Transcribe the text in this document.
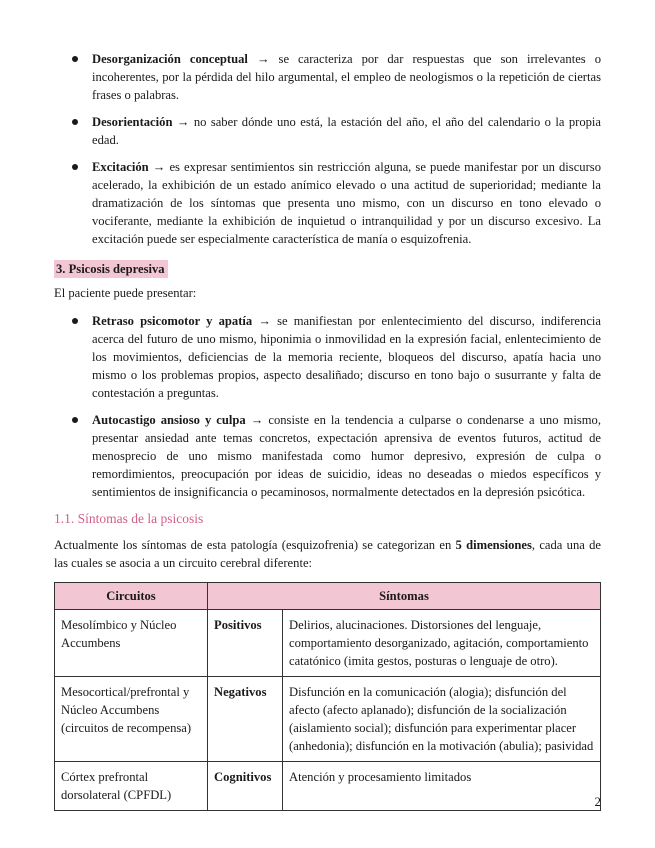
Desorganización conceptual → se caracteriza por dar respuestas que son irrelevantes o incoherentes, por la pérdida del hilo argumental, el empleo de neologismos o la repetición de ciertas frases o palabras.
Desorientación → no saber dónde uno está, la estación del año, el año del calendario o la propia edad.
Excitación → es expresar sentimientos sin restricción alguna, se puede manifestar por un discurso acelerado, la exhibición de un estado anímico elevado o una actitud de superioridad; mediante la dramatización de los síntomas que presenta uno mismo, con un discurso en tono elevado o vociferante, mediante la exhibición de inquietud o intranquilidad y por un discurso excesivo. La excitación puede ser especialmente característica de manía o esquizofrenia.
3. Psicosis depresiva

El paciente puede presentar:

Retraso psicomotor y apatía → se manifiestan por enlentecimiento del discurso, indiferencia acerca del futuro de uno mismo, hiponimia o inmovilidad en la expresión facial, enlentecimiento de los movimientos, deficiencias de la memoria reciente, bloqueos del discurso, apatía hacia uno mismo o los problemas propios, aspecto desaliñado; discurso en tono bajo o susurrante y falta de contestación a preguntas.
Autocastigo ansioso y culpa → consiste en la tendencia a culparse o condenarse a uno mismo, presentar ansiedad ante temas concretos, expectación aprensiva de eventos futuros, actitud de menosprecio de uno mismo manifestada como humor depresivo, expresión de culpa o remordimientos, preocupación por ideas de suicidio, ideas no deseadas o miedos específicos y sentimientos de insignificancia o pecaminosos, normalmente detectados en la depresión psicótica.
1.1. Síntomas de la psicosis

Actualmente los síntomas de esta patología (esquizofrenia) se categorizan en 5 dimensiones, cada una de las cuales se asocia a un circuito cerebral diferente:

Circuitos	Síntomas	
Mesolímbico y Núcleo Accumbens	Positivos	Delirios, alucinaciones. Distorsiones del lenguaje, comportamiento desorganizado, agitación, comportamiento catatónico (imita gestos, posturas o lenguaje de otro).
Mesocortical/prefrontal y Núcleo Accumbens (circuitos de recompensa)	Negativos	Disfunción en la comunicación (alogia); disfunción del afecto (afecto aplanado); disfunción de la socialización (aislamiento social); disfunción para experimentar placer (anhedonia); disfunción en la motivación (abulia); pasividad
Córtex prefrontal dorsolateral (CPFDL)	Cognitivos	Atención y procesamiento limitados
2
